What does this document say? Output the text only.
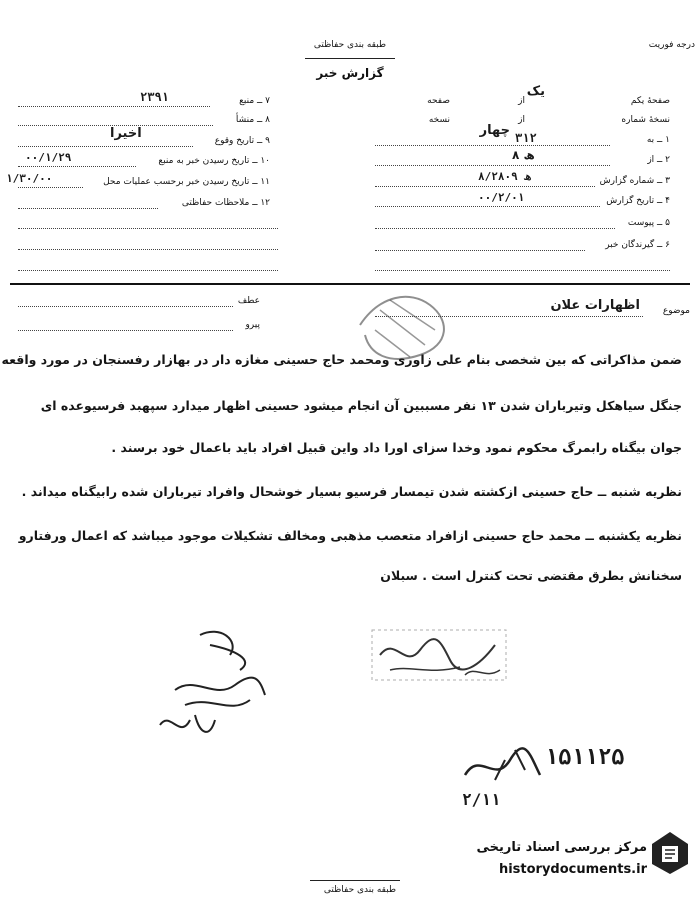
طبقه بندی حفاظتی	درجه فوریت
گزارش خبر
صفحهٔ یکم
یک
از
صفحه
نسخهٔ شماره
از
نسخه
چهار
۱ ــ به
۳۱۲
۲ ــ از
۸ ھ
۳ ــ شماره گزارش
۸/۲۸۰۹ ھ
۴ ــ تاریخ گزارش
۰۰/۲/۰۱
۵ ــ پیوست
۶ ــ گیرندگان خبر
۷ ــ منبع
۲۳۹۱
۸ ــ منشأ
۹ ــ تاریخ وقوع
اخیرا
۱۰ ــ تاریخ رسیدن خبر به منبع
۰۰/۱/۲۹
۱۱ ــ تاریخ رسیدن خبر برحسب عملیات محل
۱/۳۰/۰۰
۱۲ ــ ملاحظات حفاظتی
موضوع
اظهارات علان
عطف
پیرو
ضمن مذاکراتی که بین شخصی بنام علی زاوری ومحمد حاج حسینی مغازه دار در بهازار رفسنجان در مورد واقعه
جنگل سیاهکل وتیرباران شدن ۱۳ نفر مسببین آن انجام میشود حسینی اظهار میدارد سپهبد فرسیوعده ای
جوان بیگناه رابمرگ محکوم نمود وخدا سزای اورا داد واین قبیل افراد باید باعمال خود برسند .
نظریه شنبه ــ حاج حسینی ازکشته شدن تیمسار فرسیو بسیار خوشحال وافراد تیرباران شده رابیگناه میداند .
نظریه یکشنبه ــ محمد حاج حسینی ازافراد متعصب مذهبی ومخالف تشکیلات موجود میباشد که اعمال ورفتارو
سخنانش بطرق مقتضی تحت کنترل است . سبلان
۱۵۱۱۲۵
۲/۱۱
طبقه بندی حفاظتی
مرکز بررسی اسناد تاریخی
historydocuments.ir
